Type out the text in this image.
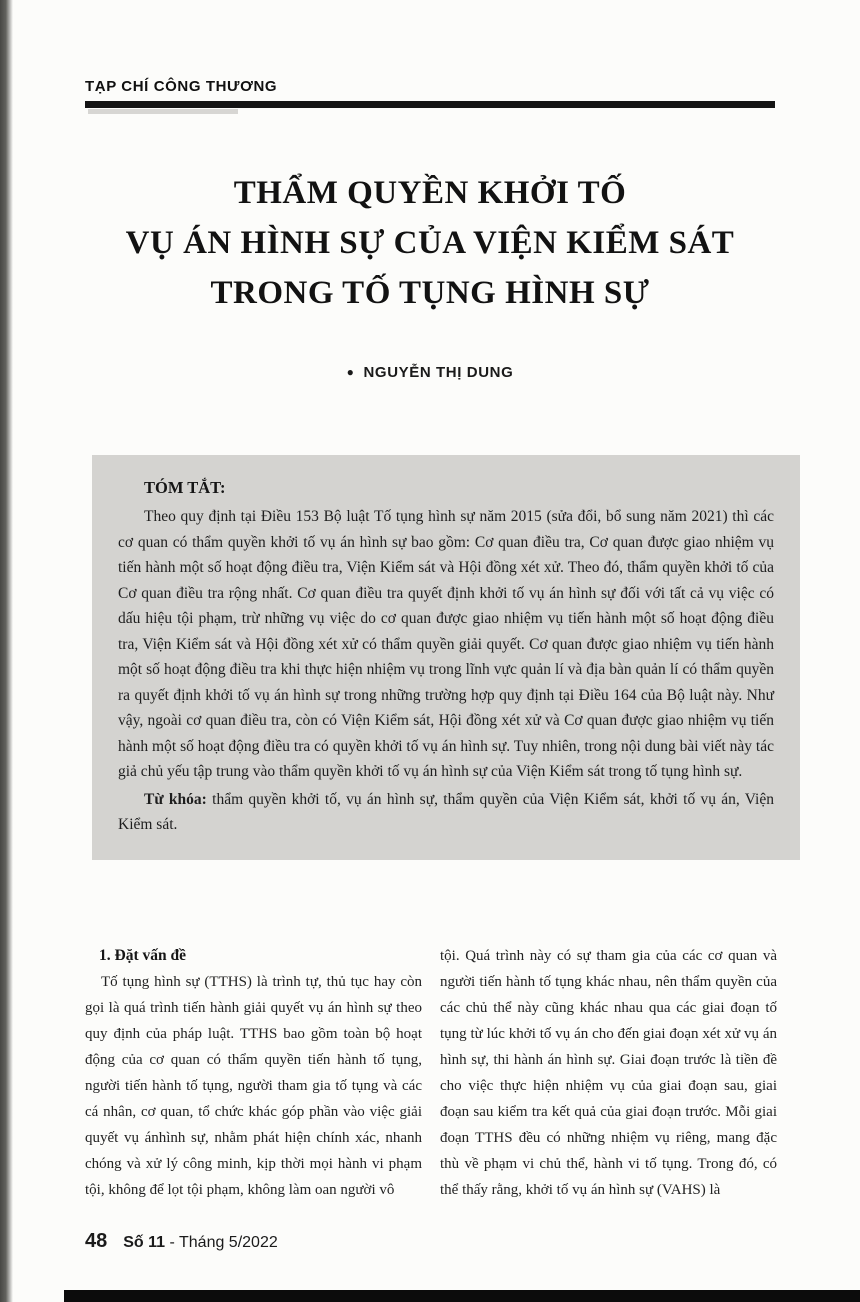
TẠP CHÍ CÔNG THƯƠNG
THẨM QUYỀN KHỞI TỐ
VỤ ÁN HÌNH SỰ CỦA VIỆN KIỂM SÁT
TRONG TỐ TỤNG HÌNH SỰ
● NGUYỄN THỊ DUNG
TÓM TẮT:

Theo quy định tại Điều 153 Bộ luật Tố tụng hình sự năm 2015 (sửa đổi, bổ sung năm 2021) thì các cơ quan có thẩm quyền khởi tố vụ án hình sự bao gồm: Cơ quan điều tra, Cơ quan được giao nhiệm vụ tiến hành một số hoạt động điều tra, Viện Kiểm sát và Hội đồng xét xử. Theo đó, thẩm quyền khởi tố của Cơ quan điều tra rộng nhất. Cơ quan điều tra quyết định khởi tố vụ án hình sự đối với tất cả vụ việc có dấu hiệu tội phạm, trừ những vụ việc do cơ quan được giao nhiệm vụ tiến hành một số hoạt động điều tra, Viện Kiểm sát và Hội đồng xét xử có thẩm quyền giải quyết. Cơ quan được giao nhiệm vụ tiến hành một số hoạt động điều tra khi thực hiện nhiệm vụ trong lĩnh vực quản lí và địa bàn quản lí có thẩm quyền ra quyết định khởi tố vụ án hình sự trong những trường hợp quy định tại Điều 164 của Bộ luật này. Như vậy, ngoài cơ quan điều tra, còn có Viện Kiểm sát, Hội đồng xét xử và Cơ quan được giao nhiệm vụ tiến hành một số hoạt động điều tra có quyền khởi tố vụ án hình sự. Tuy nhiên, trong nội dung bài viết này tác giả chủ yếu tập trung vào thẩm quyền khởi tố vụ án hình sự của Viện Kiểm sát trong tố tụng hình sự.

Từ khóa: thẩm quyền khởi tố, vụ án hình sự, thẩm quyền của Viện Kiểm sát, khởi tố vụ án, Viện Kiểm sát.

1. Đặt vấn đề

Tố tụng hình sự (TTHS) là trình tự, thủ tục hay còn gọi là quá trình tiến hành giải quyết vụ án hình sự theo quy định của pháp luật. TTHS bao gồm toàn bộ hoạt động của cơ quan có thẩm quyền tiến hành tố tụng, người tiến hành tố tụng, người tham gia tố tụng và các cá nhân, cơ quan, tổ chức khác góp phần vào việc giải quyết vụ ánhình sự, nhằm phát hiện chính xác, nhanh chóng và xử lý công minh, kịp thời mọi hành vi phạm tội, không để lọt tội phạm, không làm oan người vô

tội. Quá trình này có sự tham gia của các cơ quan và người tiến hành tố tụng khác nhau, nên thẩm quyền của các chủ thể này cũng khác nhau qua các giai đoạn tố tụng từ lúc khởi tố vụ án cho đến giai đoạn xét xử vụ án hình sự, thi hành án hình sự. Giai đoạn trước là tiền đề cho việc thực hiện nhiệm vụ của giai đoạn sau, giai đoạn sau kiểm tra kết quả của giai đoạn trước. Mỗi giai đoạn TTHS đều có những nhiệm vụ riêng, mang đặc thù về phạm vi chủ thể, hành vi tố tụng. Trong đó, có thể thấy rằng, khởi tố vụ án hình sự (VAHS) là

48 Số 11 - Tháng 5/2022
